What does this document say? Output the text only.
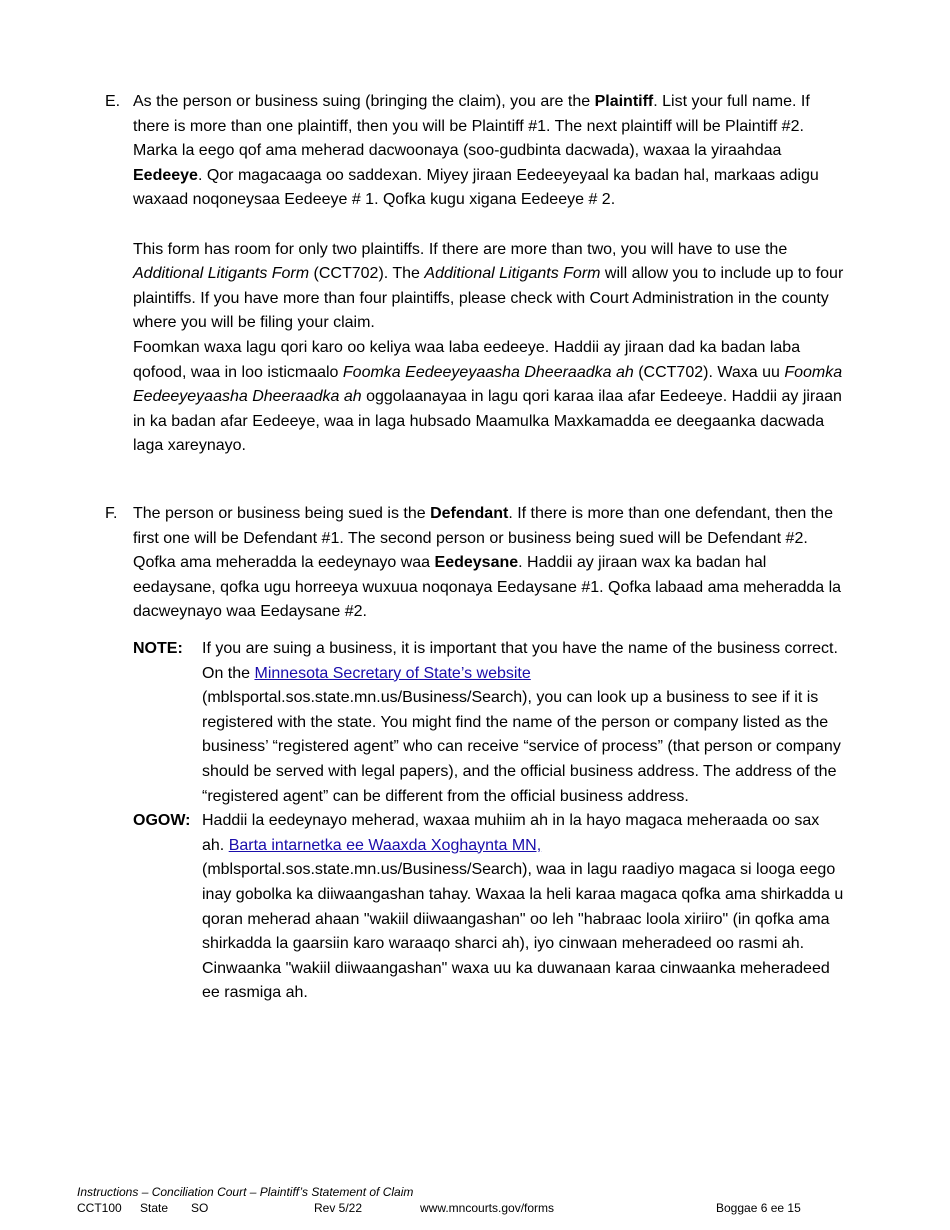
E. As the person or business suing (bringing the claim), you are the Plaintiff. List your full name. If there is more than one plaintiff, then you will be Plaintiff #1. The next plaintiff will be Plaintiff #2.

Marka la eego qof ama meherad dacwoonaya (soo-gudbinta dacwada), waxaa la yiraahdaa Eedeeye. Qor magacaaga oo saddexan. Miyey jiraan Eedeeyeyaal ka badan hal, markaas adigu waxaad noqoneysaa Eedeeye # 1. Qofka kugu xigana Eedeeye # 2.

This form has room for only two plaintiffs. If there are more than two, you will have to use the Additional Litigants Form (CCT702). The Additional Litigants Form will allow you to include up to four plaintiffs. If you have more than four plaintiffs, please check with Court Administration in the county where you will be filing your claim.

Foomkan waxa lagu qori karo oo keliya waa laba eedeeye. Haddii ay jiraan dad ka badan laba qofood, waa in loo isticmaalo Foomka Eedeeyeyaasha Dheeraadka ah (CCT702). Waxa uu Foomka Eedeeyeyaasha Dheeraadka ah oggolaanayaa in lagu qori karaa ilaa afar Eedeeye. Haddii ay jiraan in ka badan afar Eedeeye, waa in laga hubsado Maamulka Maxkamadda ee deegaanka dacwada laga xareynayo.

F. The person or business being sued is the Defendant. If there is more than one defendant, then the first one will be Defendant #1. The second person or business being sued will be Defendant #2.

Qofka ama meheradda la eedeynayo waa Eedeysane. Haddii ay jiraan wax ka badan hal eedaysane, qofka ugu horreeya wuxuua noqonaya Eedaysane #1. Qofka labaad ama meheradda la dacweynayo waa Eedaysane #2.

NOTE: If you are suing a business, it is important that you have the name of the business correct. On the Minnesota Secretary of State’s website (mblsportal.sos.state.mn.us/Business/Search), you can look up a business to see if it is registered with the state. You might find the name of the person or company listed as the business’ “registered agent” who can receive “service of process” (that person or company should be served with legal papers), and the official business address. The address of the “registered agent” can be different from the official business address.
OGOW: Haddii la eedeynayo meherad, waxaa muhiim ah in la hayo magaca meheraada oo sax ah. Barta intarnetka ee Waaxda Xoghaynta MN, (mblsportal.sos.state.mn.us/Business/Search), waa in lagu raadiyo magaca si looga eego inay gobolka ka diiwaangashan tahay. Waxaa la heli karaa magaca qofka ama shirkadda u qoran meherad ahaan "wakiil diiwaangashan" oo leh "habraac loola xiriiro" (in qofka ama shirkadda la gaarsiin karo waraaqo sharci ah), iyo cinwaan meheradeed oo rasmi ah. Cinwaanka "wakiil diiwaangashan" waxa uu ka duwanaan karaa cinwaanka meheradeed ee rasmiga ah.
Instructions – Conciliation Court – Plaintiff’s Statement of Claim
CCT100 State SO	Rev 5/22	www.mncourts.gov/forms	Boggae 6 ee 15
